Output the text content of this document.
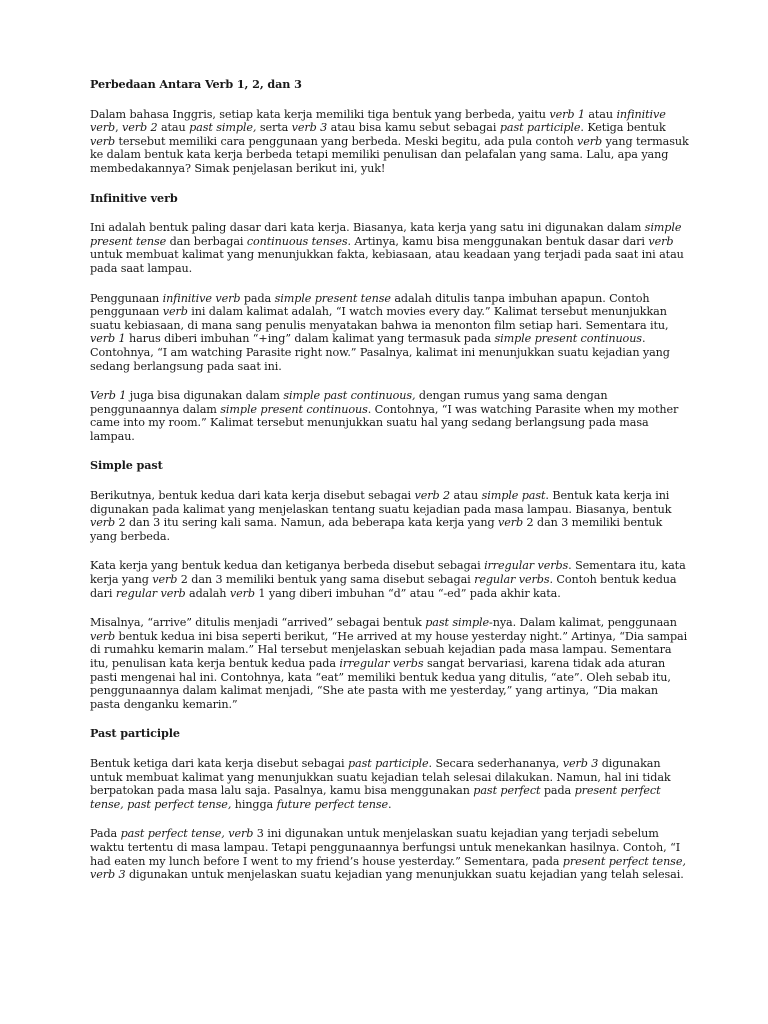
Perbedaan Antara Verb 1, 2, dan 3

Dalam bahasa Inggris, setiap kata kerja memiliki tiga bentuk yang berbeda, yaitu verb 1 atau infinitive verb, verb 2 atau past simple, serta verb 3 atau bisa kamu sebut sebagai past participle. Ketiga bentuk verb tersebut memiliki cara penggunaan yang berbeda. Meski begitu, ada pula contoh verb yang termasuk ke dalam bentuk kata kerja berbeda tetapi memiliki penulisan dan pelafalan yang sama. Lalu, apa yang membedakannya? Simak penjelasan berikut ini, yuk!

Infinitive verb

Ini adalah bentuk paling dasar dari kata kerja. Biasanya, kata kerja yang satu ini digunakan dalam simple present tense dan berbagai continuous tenses. Artinya, kamu bisa menggunakan bentuk dasar dari verb untuk membuat kalimat yang menunjukkan fakta, kebiasaan, atau keadaan yang terjadi pada saat ini atau pada saat lampau.

Penggunaan infinitive verb pada simple present tense adalah ditulis tanpa imbuhan apapun. Contoh penggunaan verb ini dalam kalimat adalah, “I watch movies every day.” Kalimat tersebut menunjukkan suatu kebiasaan, di mana sang penulis menyatakan bahwa ia menonton film setiap hari. Sementara itu, verb 1 harus diberi imbuhan “+ing” dalam kalimat yang termasuk pada simple present continuous. Contohnya, “I am watching Parasite right now.” Pasalnya, kalimat ini menunjukkan suatu kejadian yang sedang berlangsung pada saat ini.

Verb 1 juga bisa digunakan dalam simple past continuous, dengan rumus yang sama dengan penggunaannya dalam simple present continuous. Contohnya, “I was watching Parasite when my mother came into my room.” Kalimat tersebut menunjukkan suatu hal yang sedang berlangsung pada masa lampau.

Simple past

Berikutnya, bentuk kedua dari kata kerja disebut sebagai verb 2 atau simple past. Bentuk kata kerja ini digunakan pada kalimat yang menjelaskan tentang suatu kejadian pada masa lampau. Biasanya, bentuk verb 2 dan 3 itu sering kali sama. Namun, ada beberapa kata kerja yang verb 2 dan 3 memiliki bentuk yang berbeda.

Kata kerja yang bentuk kedua dan ketiganya berbeda disebut sebagai irregular verbs. Sementara itu, kata kerja yang verb 2 dan 3 memiliki bentuk yang sama disebut sebagai regular verbs. Contoh bentuk kedua dari regular verb adalah verb 1 yang diberi imbuhan “d” atau “-ed” pada akhir kata.

Misalnya, “arrive” ditulis menjadi “arrived” sebagai bentuk past simple-nya. Dalam kalimat, penggunaan verb bentuk kedua ini bisa seperti berikut, “He arrived at my house yesterday night.” Artinya, “Dia sampai di rumahku kemarin malam.” Hal tersebut menjelaskan sebuah kejadian pada masa lampau. Sementara itu, penulisan kata kerja bentuk kedua pada irregular verbs sangat bervariasi, karena tidak ada aturan pasti mengenai hal ini. Contohnya, kata “eat” memiliki bentuk kedua yang ditulis, “ate”. Oleh sebab itu, penggunaannya dalam kalimat menjadi, “She ate pasta with me yesterday,” yang artinya, “Dia makan pasta denganku kemarin.”

Past participle

Bentuk ketiga dari kata kerja disebut sebagai past participle. Secara sederhananya, verb 3 digunakan untuk membuat kalimat yang menunjukkan suatu kejadian telah selesai dilakukan. Namun, hal ini tidak berpatokan pada masa lalu saja. Pasalnya, kamu bisa menggunakan past perfect pada present perfect tense, past perfect tense, hingga future perfect tense.

Pada past perfect tense, verb 3 ini digunakan untuk menjelaskan suatu kejadian yang terjadi sebelum waktu tertentu di masa lampau. Tetapi penggunaannya berfungsi untuk menekankan hasilnya. Contoh, “I had eaten my lunch before I went to my friend’s house yesterday.” Sementara, pada present perfect tense, verb 3 digunakan untuk menjelaskan suatu kejadian yang menunjukkan suatu kejadian yang telah selesai.
